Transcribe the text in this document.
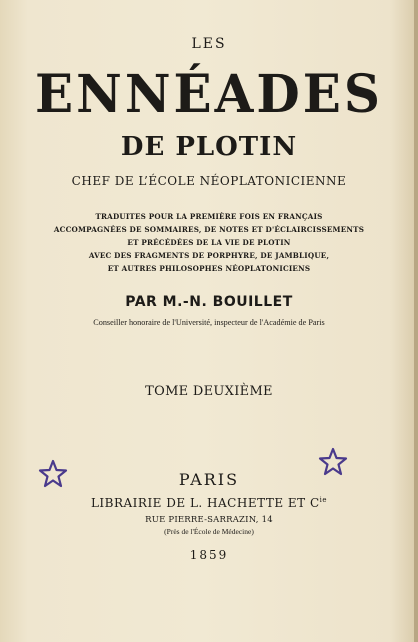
LES
ENNÉADES
DE PLOTIN
CHEF DE L’ÉCOLE NÉOPLATONICIENNE
TRADUITES POUR LA PREMIÈRE FOIS EN FRANÇAIS
ACCOMPAGNÉES DE SOMMAIRES, DE NOTES ET D'ÉCLAIRCISSEMENTS
ET PRÉCÉDÉES DE LA VIE DE PLOTIN
AVEC DES FRAGMENTS DE PORPHYRE, DE JAMBLIQUE,
ET AUTRES PHILOSOPHES NÉOPLATONICIENS
PAR M.-N. BOUILLET
Conseiller honoraire de l'Université, inspecteur de l'Académie de Paris
TOME DEUXIÈME
PARIS
LIBRAIRIE DE L. HACHETTE ET $C^{ie}$
RUE PIERRE-SARRAZIN, 14
(Près de l'École de Médecine)
1859
